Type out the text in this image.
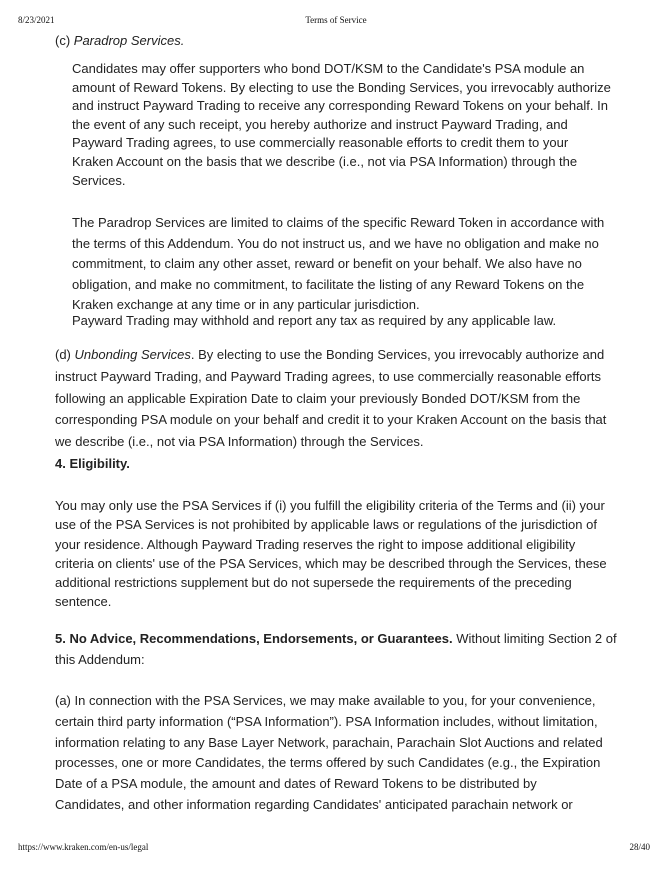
8/23/2021	Terms of Service
(c) Paradrop Services.
Candidates may offer supporters who bond DOT/KSM to the Candidate's PSA module an
amount of Reward Tokens. By electing to use the Bonding Services, you irrevocably authorize
and instruct Payward Trading to receive any corresponding Reward Tokens on your behalf. In
the event of any such receipt, you hereby authorize and instruct Payward Trading, and
Payward Trading agrees, to use commercially reasonable efforts to credit them to your
Kraken Account on the basis that we describe (i.e., not via PSA Information) through the
Services.
The Paradrop Services are limited to claims of the specific Reward Token in accordance with
the terms of this Addendum. You do not instruct us, and we have no obligation and make no
commitment, to claim any other asset, reward or benefit on your behalf. We also have no
obligation, and make no commitment, to facilitate the listing of any Reward Tokens on the
Kraken exchange at any time or in any particular jurisdiction.
Payward Trading may withhold and report any tax as required by any applicable law.
(d) Unbonding Services. By electing to use the Bonding Services, you irrevocably authorize and
instruct Payward Trading, and Payward Trading agrees, to use commercially reasonable efforts
following an applicable Expiration Date to claim your previously Bonded DOT/KSM from the
corresponding PSA module on your behalf and credit it to your Kraken Account on the basis that
we describe (i.e., not via PSA Information) through the Services.
4. Eligibility.
You may only use the PSA Services if (i) you fulfill the eligibility criteria of the Terms and (ii) your
use of the PSA Services is not prohibited by applicable laws or regulations of the jurisdiction of
your residence. Although Payward Trading reserves the right to impose additional eligibility
criteria on clients' use of the PSA Services, which may be described through the Services, these
additional restrictions supplement but do not supersede the requirements of the preceding
sentence.
5. No Advice, Recommendations, Endorsements, or Guarantees. Without limiting Section 2 of
this Addendum:
(a) In connection with the PSA Services, we may make available to you, for your convenience,
certain third party information (“PSA Information”). PSA Information includes, without limitation,
information relating to any Base Layer Network, parachain, Parachain Slot Auctions and related
processes, one or more Candidates, the terms offered by such Candidates (e.g., the Expiration
Date of a PSA module, the amount and dates of Reward Tokens to be distributed by
Candidates, and other information regarding Candidates' anticipated parachain network or
https://www.kraken.com/en-us/legal	28/40
